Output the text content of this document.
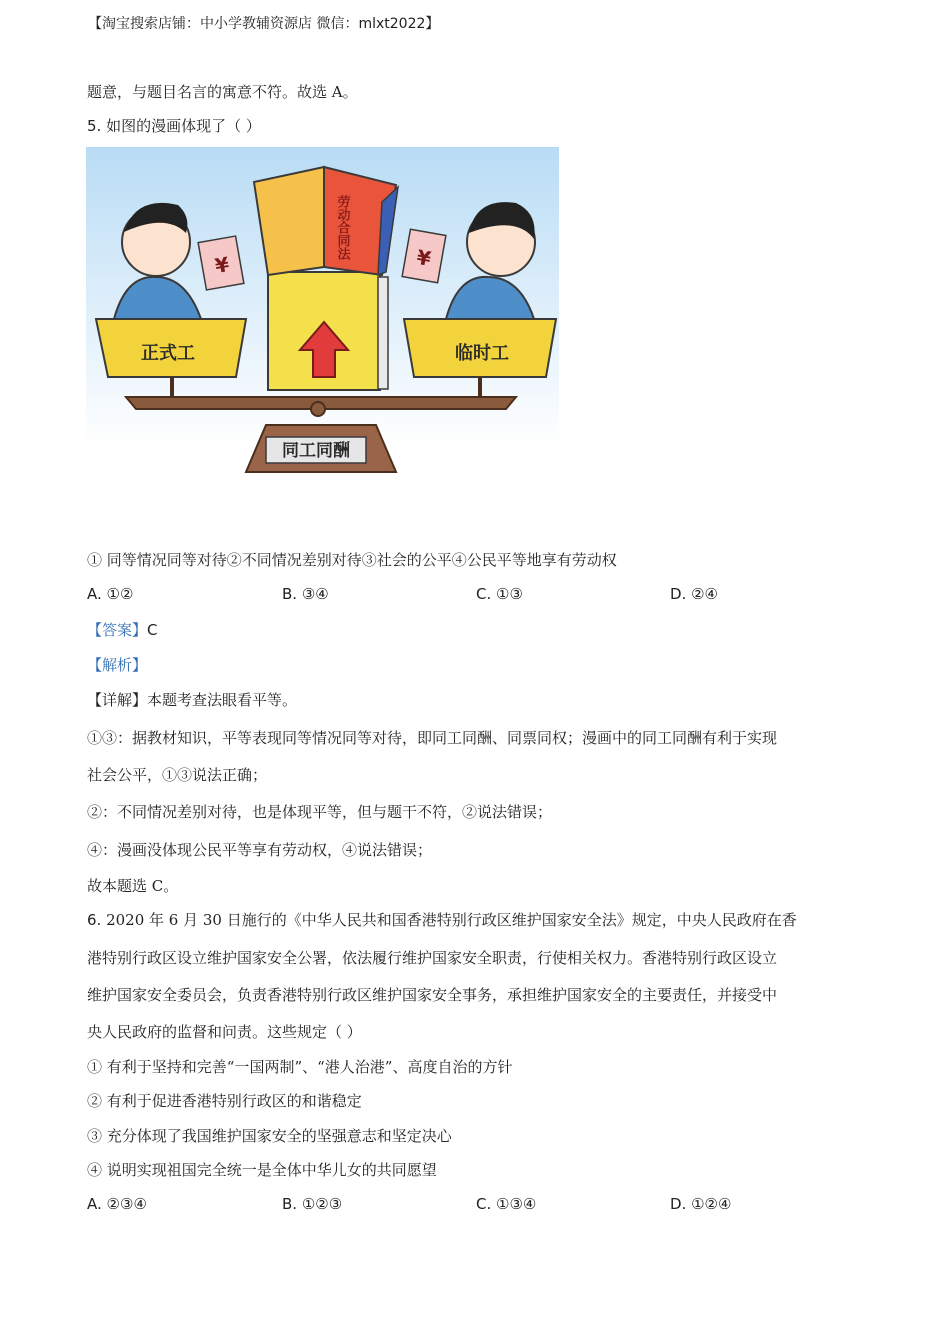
【淘宝搜索店铺：中小学教辅资源店 微信：mlxt2022】
题意，与题目名言的寓意不符。故选 A。
5. 如图的漫画体现了（ ）
劳动合同法
¥	¥
正式工	临时工
同工同酬
① 同等情况同等对待②不同情况差别对待③社会的公平④公民平等地享有劳动权
A. ①②	B. ③④	C. ①③	D. ②④
【答案】C
【解析】
【详解】本题考查法眼看平等。
①③：据教材知识，平等表现同等情况同等对待，即同工同酬、同票同权；漫画中的同工同酬有利于实现
社会公平，①③说法正确；
②：不同情况差别对待，也是体现平等，但与题干不符，②说法错误；
④：漫画没体现公民平等享有劳动权，④说法错误；
故本题选 C。
6. 2020 年 6 月 30 日施行的《中华人民共和国香港特别行政区维护国家安全法》规定，中央人民政府在香
港特别行政区设立维护国家安全公署，依法履行维护国家安全职责，行使相关权力。香港特别行政区设立
维护国家安全委员会，负责香港特别行政区维护国家安全事务，承担维护国家安全的主要责任，并接受中
央人民政府的监督和问责。这些规定（ ）
① 有利于坚持和完善“一国两制”、“港人治港”、高度自治的方针
② 有利于促进香港特别行政区的和谐稳定
③ 充分体现了我国维护国家安全的坚强意志和坚定决心
④ 说明实现祖国完全统一是全体中华儿女的共同愿望
A. ②③④	B. ①②③	C. ①③④	D. ①②④
